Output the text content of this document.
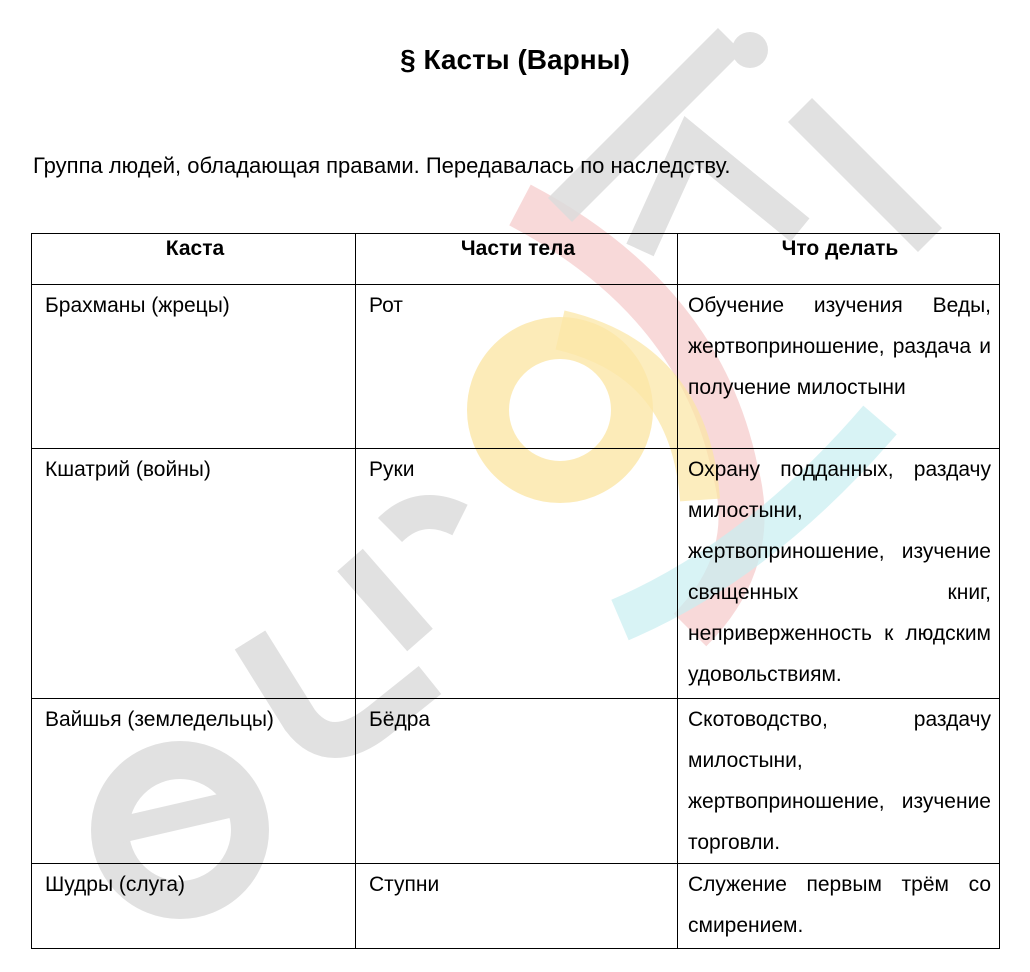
§ Касты (Варны)

Группа людей, обладающая правами. Передавалась по наследству.

Каста	Части тела	Что делать
Брахманы (жрецы)	Рот	Обучение изучения Веды, жертвоприношение, раздача и получение милостыни
Кшатрий (войны)	Руки	Охрану подданных, раздачу милостыни, жертвоприношение, изучение священных книг, неприверженность к людским удовольствиям.
Вайшья (земледельцы)	Бёдра	Скотоводство, раздачу милостыни, жертвоприношение, изучение торговли.
Шудры (слуга)	Ступни	Служение первым трём со смирением.
